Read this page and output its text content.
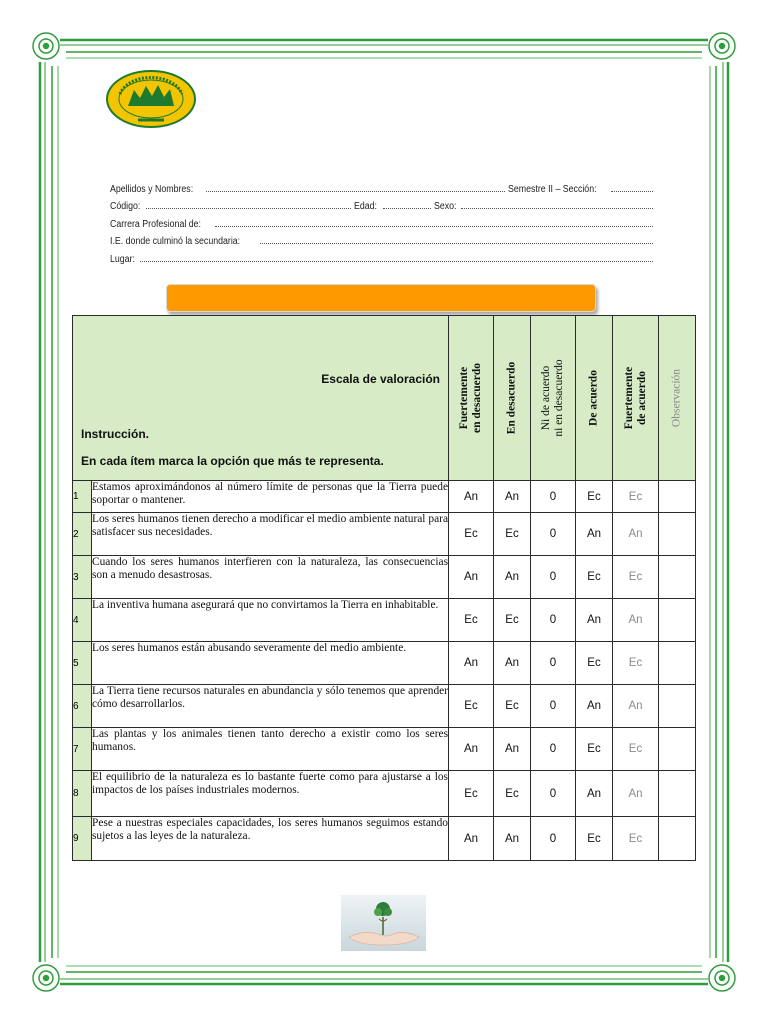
Apellidos y Nombres:	Semestre II – Sección:
Código:	Edad:	Sexo:
Carrera Profesional de:
I.E. donde culminó la secundaria:
Lugar:
Escala de valoración
Instrucción.
En cada ítem marca la opción que más te representa.		Fuertemente en desacuerdo	En desacuerdo	Ni de acuerdo ni en desacuerdo	De acuerdo	Fuertemente de acuerdo	Observación

1	Estamos aproximándonos al número límite de personas que la Tierra puede soportar o mantener.	An	An	0	Ec	Ec	
2	Los seres humanos tienen derecho a modificar el medio ambiente natural para satisfacer sus necesidades.	Ec	Ec	0	An	An	
3	Cuando los seres humanos interfieren con la naturaleza, las consecuencias son a menudo desastrosas.	An	An	0	Ec	Ec	
4	La inventiva humana asegurará que no convirtamos la Tierra en inhabitable.	Ec	Ec	0	An	An	
5	Los seres humanos están abusando severamente del medio ambiente.	An	An	0	Ec	Ec	
6	La Tierra tiene recursos naturales en abundancia y sólo tenemos que aprender cómo desarrollarlos.	Ec	Ec	0	An	An	
7	Las plantas y los animales tienen tanto derecho a existir como los seres humanos.	An	An	0	Ec	Ec	
8	El equilibrio de la naturaleza es lo bastante fuerte como para ajustarse a los impactos de los países industriales modernos.	Ec	Ec	0	An	An	
9	Pese a nuestras especiales capacidades, los seres humanos seguimos estando sujetos a las leyes de la naturaleza.	An	An	0	Ec	Ec	
